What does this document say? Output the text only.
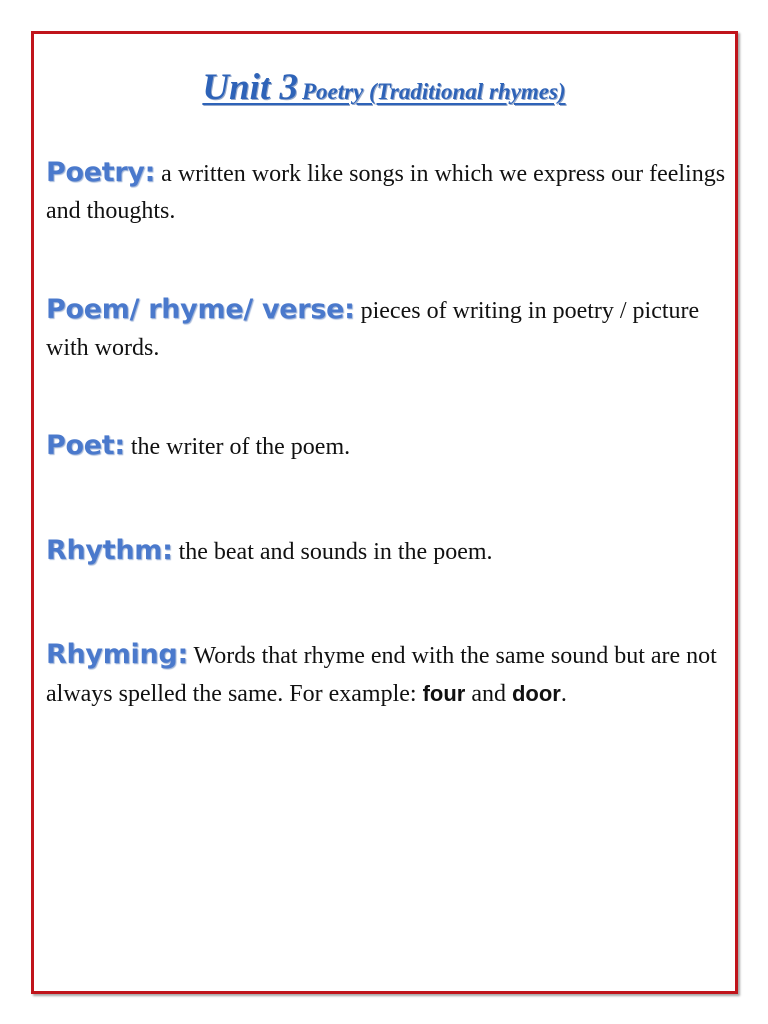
Unit 3 Poetry (Traditional rhymes)
Poetry: a written work like songs in which we express our feelings and thoughts.
Poem/ rhyme/ verse: pieces of writing in poetry / picture with words.
Poet: the writer of the poem.
Rhythm: the beat and sounds in the poem.
Rhyming: Words that rhyme end with the same sound but are not always spelled the same. For example: four and door.
